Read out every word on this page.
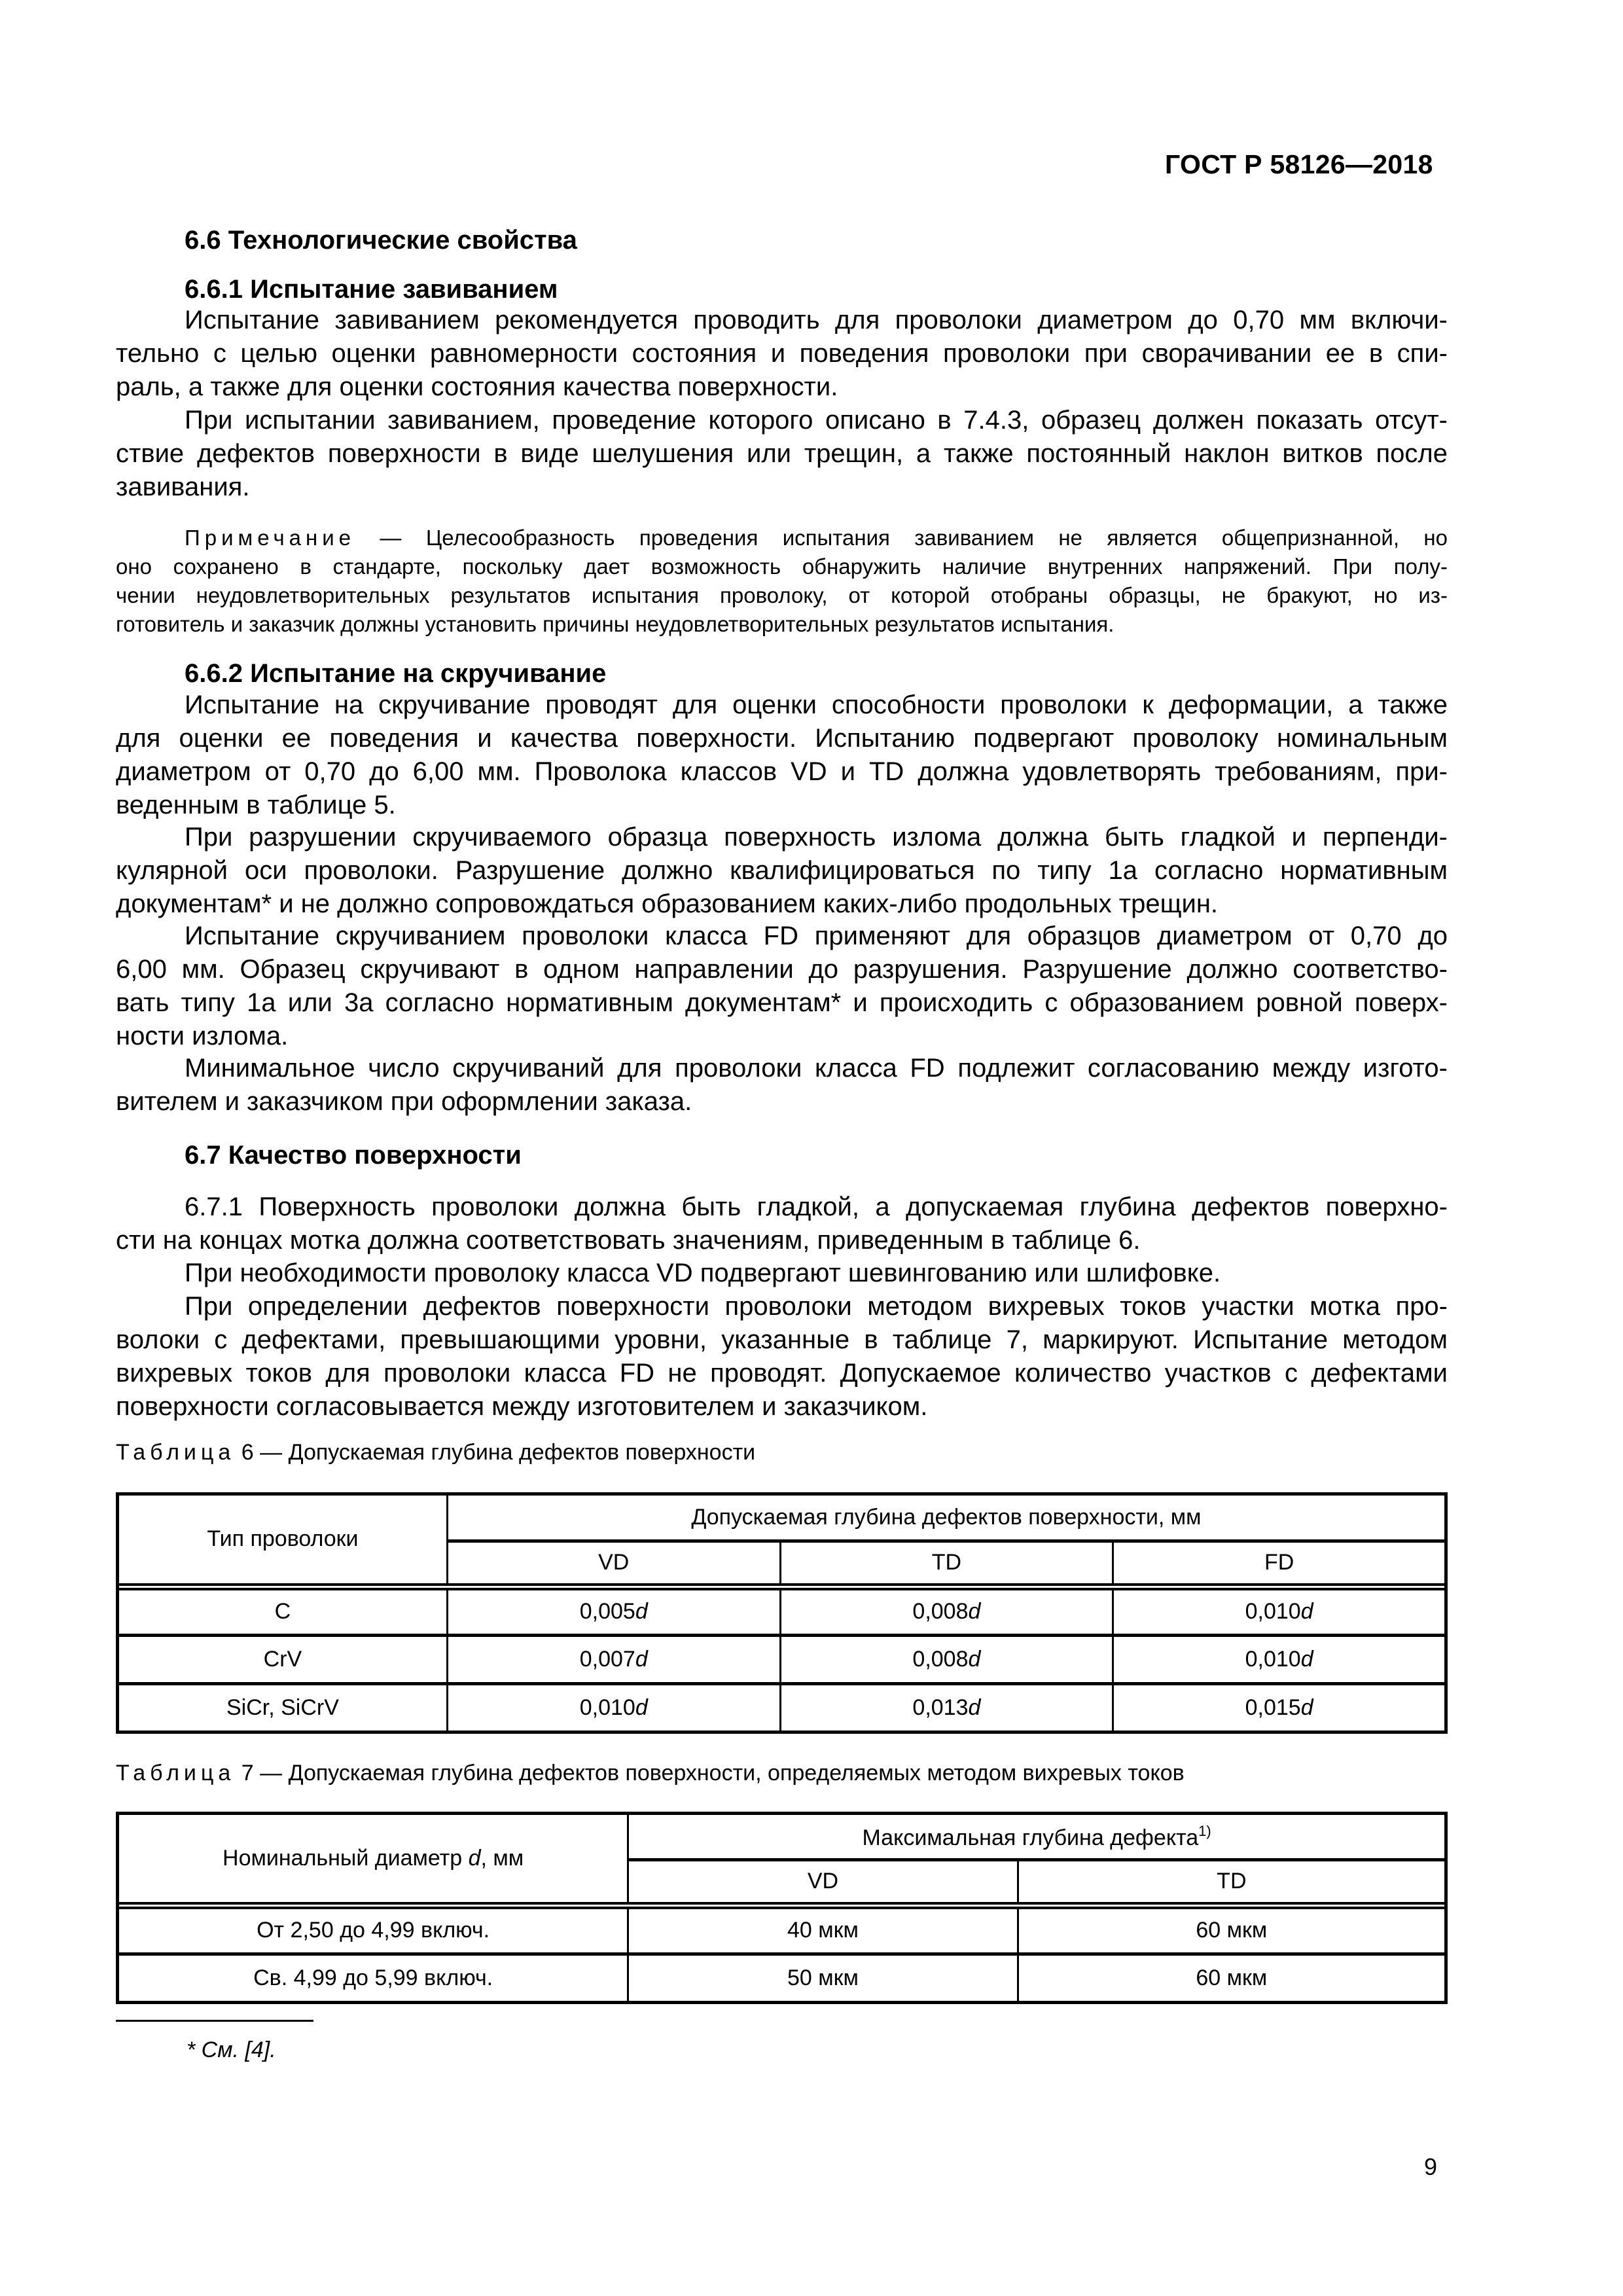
ГОСТ Р 58126—2018
6.6 Технологические свойства
6.6.1 Испытание завиванием
Испытание завиванием рекомендуется проводить для проволоки диаметром до 0,70 мм включи-
тельно с целью оценки равномерности состояния и поведения проволоки при сворачивании ее в спи-
раль, а также для оценки состояния качества поверхности.
При испытании завиванием, проведение которого описано в 7.4.3, образец должен показать отсут-
ствие дефектов поверхности в виде шелушения или трещин, а также постоянный наклон витков после
завивания.
Примечание — Целесообразность проведения испытания завиванием не является общепризнанной, но
оно сохранено в стандарте, поскольку дает возможность обнаружить наличие внутренних напряжений. При полу-
чении неудовлетворительных результатов испытания проволоку, от которой отобраны образцы, не бракуют, но из-
готовитель и заказчик должны установить причины неудовлетворительных результатов испытания.
6.6.2 Испытание на скручивание
Испытание на скручивание проводят для оценки способности проволоки к деформации, а также
для оценки ее поведения и качества поверхности. Испытанию подвергают проволоку номинальным
диаметром от 0,70 до 6,00 мм. Проволока классов VD и TD должна удовлетворять требованиям, при-
веденным в таблице 5.
При разрушении скручиваемого образца поверхность излома должна быть гладкой и перпенди-
кулярной оси проволоки. Разрушение должно квалифицироваться по типу 1а согласно нормативным
документам* и не должно сопровождаться образованием каких-либо продольных трещин.
Испытание скручиванием проволоки класса FD применяют для образцов диаметром от 0,70 до
6,00 мм. Образец скручивают в одном направлении до разрушения. Разрушение должно соответство-
вать типу 1а или 3а согласно нормативным документам* и происходить с образованием ровной поверх-
ности излома.
Минимальное число скручиваний для проволоки класса FD подлежит согласованию между изгото-
вителем и заказчиком при оформлении заказа.
6.7 Качество поверхности
6.7.1 Поверхность проволоки должна быть гладкой, а допускаемая глубина дефектов поверхно-
сти на концах мотка должна соответствовать значениям, приведенным в таблице 6.
При необходимости проволоку класса VD подвергают шевингованию или шлифовке.
При определении дефектов поверхности проволоки методом вихревых токов участки мотка про-
волоки с дефектами, превышающими уровни, указанные в таблице 7, маркируют. Испытание методом
вихревых токов для проволоки класса FD не проводят. Допускаемое количество участков с дефектами
поверхности согласовывается между изготовителем и заказчиком.
Таблица 6 — Допускаемая глубина дефектов поверхности
Тип проволоки	Допускаемая глубина дефектов поверхности, мм		
	VD	TD	FD

C	0,005d	0,008d	0,010d
CrV	0,007d	0,008d	0,010d
SiCr, SiCrV	0,010d	0,013d	0,015d
Таблица 7 — Допускаемая глубина дефектов поверхности, определяемых методом вихревых токов
Номинальный диаметр d, мм	Максимальная глубина дефекта$^{1)}$
	VD	TD

От 2,50 до 4,99 включ.	40 мкм	60 мкм
Св. 4,99 до 5,99 включ.	50 мкм	60 мкм
* См. [4].
9
